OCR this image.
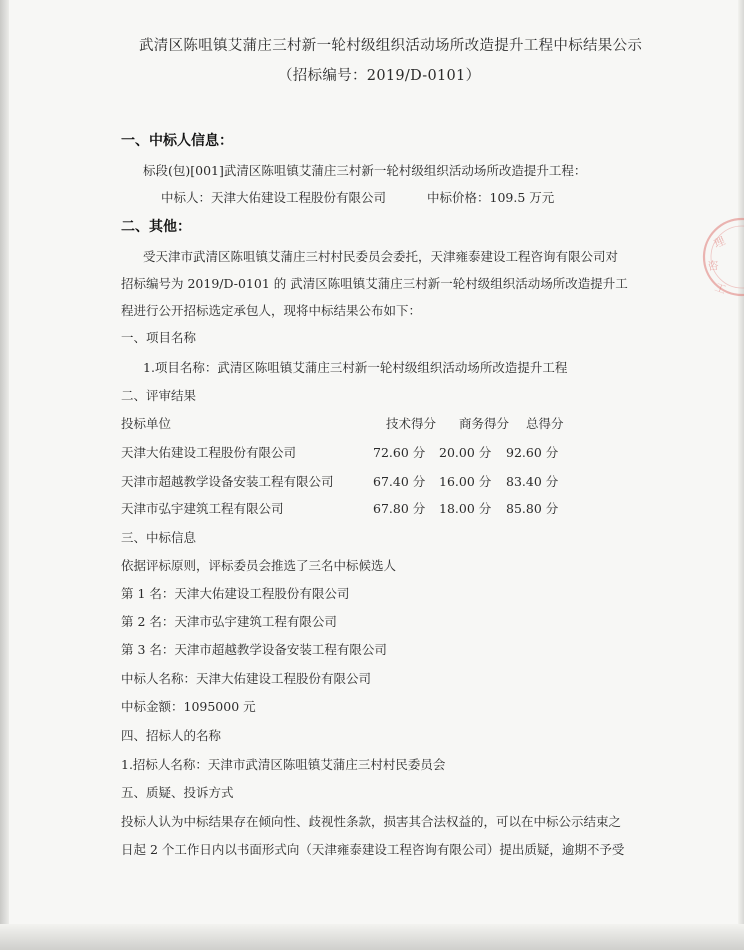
理
咨
工
武清区陈咀镇艾蒲庄三村新一轮村级组织活动场所改造提升工程中标结果公示
（招标编号：2019/D-0101）
一、中标人信息：
标段(包)[001]武清区陈咀镇艾蒲庄三村新一轮村级组织活动场所改造提升工程：
中标人：天津大佑建设工程股份有限公司	中标价格：109.5 万元
二、其他：
受天津市武清区陈咀镇艾蒲庄三村村民委员会委托，天津雍泰建设工程咨询有限公司对
招标编号为 2019/D-0101 的 武清区陈咀镇艾蒲庄三村新一轮村级组织活动场所改造提升工
程进行公开招标选定承包人，现将中标结果公布如下：
一、项目名称
1.项目名称：武清区陈咀镇艾蒲庄三村新一轮村级组织活动场所改造提升工程
二、评审结果
投标单位	技术得分 商务得分 总得分
天津大佑建设工程股份有限公司	72.60 分 20.00 分 92.60 分
天津市超越教学设备安装工程有限公司	67.40 分 16.00 分 83.40 分
天津市弘宇建筑工程有限公司	67.80 分 18.00 分 85.80 分
三、中标信息
依据评标原则，评标委员会推选了三名中标候选人
第 1 名：天津大佑建设工程股份有限公司
第 2 名：天津市弘宇建筑工程有限公司
第 3 名：天津市超越教学设备安装工程有限公司
中标人名称：天津大佑建设工程股份有限公司
中标金额：1095000 元
四、招标人的名称
1.招标人名称：天津市武清区陈咀镇艾蒲庄三村村民委员会
五、质疑、投诉方式
投标人认为中标结果存在倾向性、歧视性条款，损害其合法权益的，可以在中标公示结束之
日起 2 个工作日内以书面形式向（天津雍泰建设工程咨询有限公司）提出质疑，逾期不予受
